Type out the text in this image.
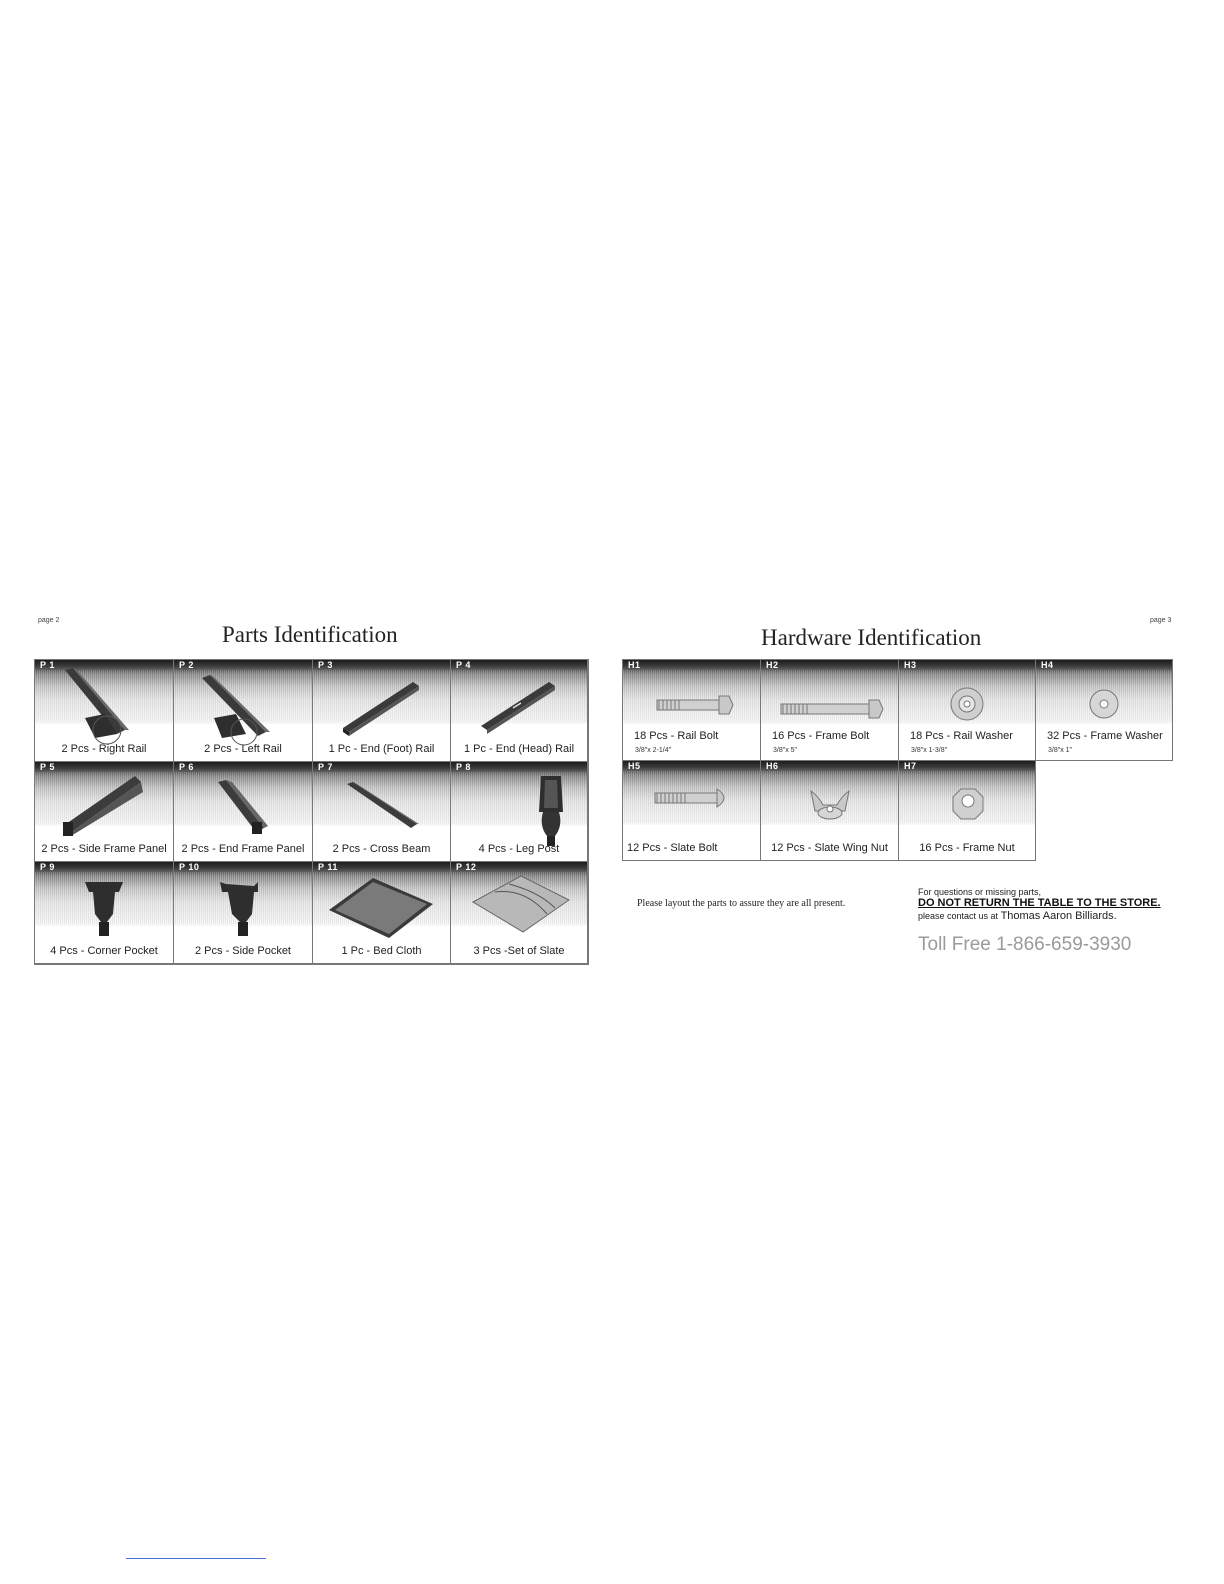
page 2
Parts Identification
P 1
2 Pcs - Right Rail
P 2
2 Pcs - Left Rail
P 3
1 Pc - End (Foot) Rail
P 4
1 Pc - End (Head) Rail
P 5
2 Pcs - Side Frame Panel
P 6
2 Pcs - End Frame Panel
P 7
2 Pcs - Cross Beam
P 8
4 Pcs - Leg Post
P 9
4 Pcs - Corner Pocket
P 10
2 Pcs - Side Pocket
P 11
1 Pc - Bed Cloth
P 12
3 Pcs -Set of Slate
page 3
Hardware Identification
H1
18 Pcs - Rail Bolt
3/8"x 2-1/4"
H2
16 Pcs - Frame Bolt
3/8"x 5"
H3
18 Pcs - Rail Washer
3/8"x 1-3/8"
H4
32 Pcs - Frame Washer
3/8"x 1"
H5
12 Pcs - Slate Bolt
H6
12 Pcs - Slate Wing Nut
H7
16 Pcs - Frame Nut
Please layout the parts to assure they are all present.
For questions or missing parts,
DO NOT RETURN THE TABLE TO THE STORE.
please contact us at Thomas Aaron Billiards.
Toll Free 1-866-659-3930
